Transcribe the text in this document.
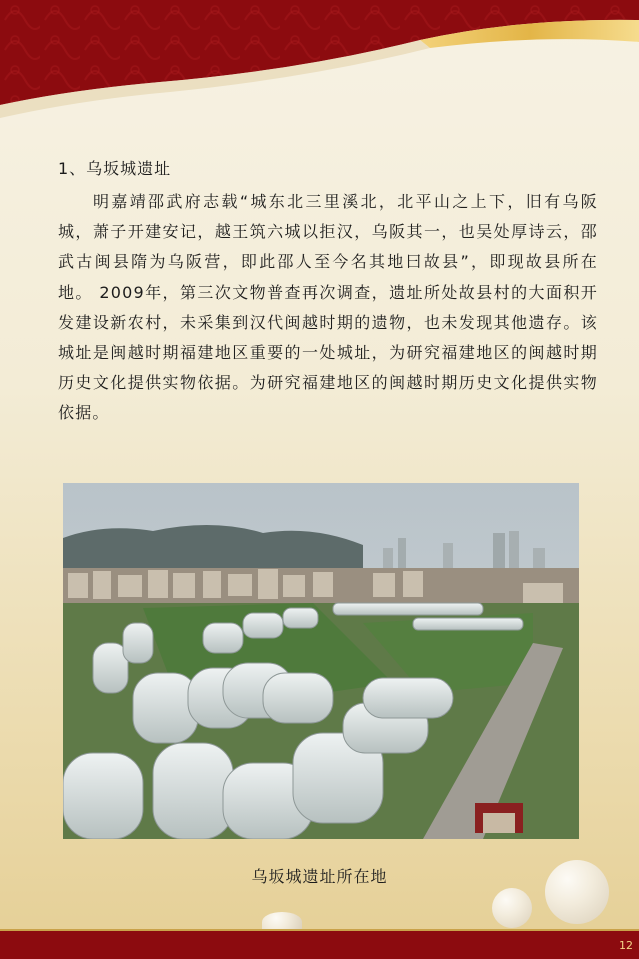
1、乌坂城遗址

明嘉靖邵武府志载“城东北三里溪北，北平山之上下，旧有乌阪城，萧子开建安记，越王筑六城以拒汉，乌阪其一，也吴处厚诗云，邵武古闽县隋为乌阪营，即此邵人至今名其地曰故县”，即现故县所在地。 2009年，第三次文物普查再次调查，遗址所处故县村的大面积开发建设新农村，未采集到汉代闽越时期的遗物，也未发现其他遗存。该城址是闽越时期福建地区重要的一处城址，为研究福建地区的闽越时期历史文化提供实物依据。为研究福建地区的闽越时期历史文化提供实物依据。

乌坂城遗址所在地
12
